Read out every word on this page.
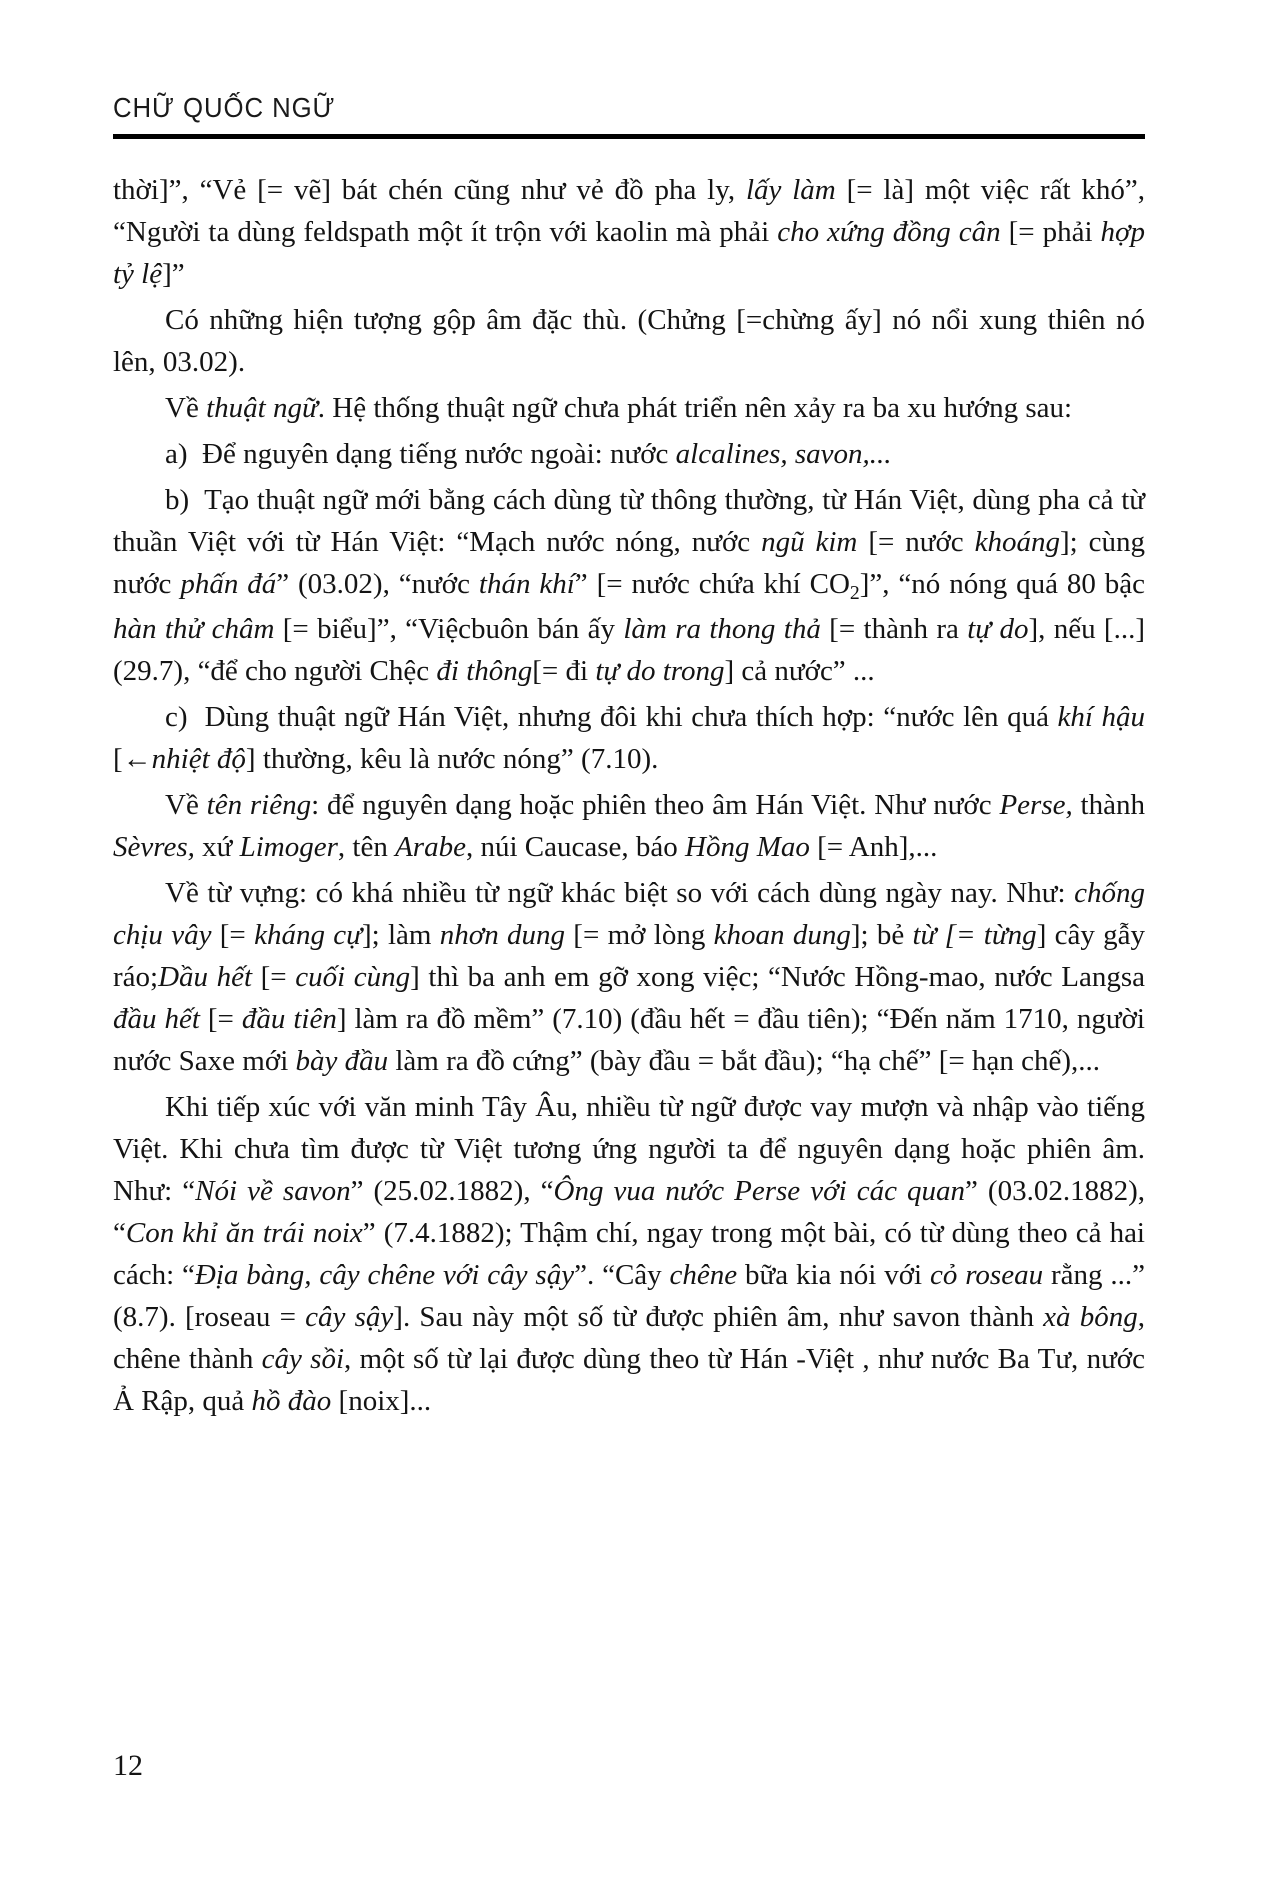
CHỮ QUỐC NGỮ

thời]”, “Vẻ [= vẽ] bát chén cũng như vẻ đồ pha ly, lấy làm [= là] một việc rất khó”, “Người ta dùng feldspath một ít trộn với kaolin mà phải cho xứng đồng cân [= phải hợp tỷ lệ]”

Có những hiện tượng gộp âm đặc thù. (Chửng [=chừng ấy] nó nổi xung thiên nó lên, 03.02).

Về thuật ngữ. Hệ thống thuật ngữ chưa phát triển nên xảy ra ba xu hướng sau:

a)  Để nguyên dạng tiếng nước ngoài: nước alcalines, savon,...

b)  Tạo thuật ngữ mới bằng cách dùng từ thông thường, từ Hán Việt, dùng pha cả từ thuần Việt với từ Hán Việt: “Mạch nước nóng, nước ngũ kim [= nước khoáng]; cùng nước phấn đá” (03.02), “nước thán khí” [= nước chứa khí CO2]”, “nó nóng quá 80 bậc hàn thử châm [= biểu]”, “Việcbuôn bán ấy làm ra thong thả [= thành ra tự do], nếu [...] (29.7), “để cho người Chệc đi thông[= đi tự do trong] cả nước” ...

c)  Dùng thuật ngữ Hán Việt, nhưng đôi khi chưa thích hợp: “nước lên quá khí hậu [←nhiệt độ] thường, kêu là nước nóng” (7.10).

Về tên riêng: để nguyên dạng hoặc phiên theo âm Hán Việt. Như nước Perse, thành Sèvres, xứ Limoger, tên Arabe, núi Caucase, báo Hồng Mao [= Anh],...

Về từ vựng: có khá nhiều từ ngữ khác biệt so với cách dùng ngày nay. Như: chống chịu vây [= kháng cự]; làm nhơn dung [= mở lòng khoan dung]; bẻ từ [= từng] cây gẫy ráo;Dầu hết [= cuối cùng] thì ba anh em gỡ xong việc; “Nước Hồng-mao, nước Langsa đầu hết [= đầu tiên] làm ra đồ mềm” (7.10) (đầu hết = đầu tiên); “Đến năm 1710, người nước Saxe mới bày đầu làm ra đồ cứng” (bày đầu = bắt đầu); “hạ chế” [= hạn chế),...

Khi tiếp xúc với văn minh Tây Âu, nhiều từ ngữ được vay mượn và nhập vào tiếng Việt. Khi chưa tìm được từ Việt tương ứng người ta để nguyên dạng hoặc phiên âm. Như: “Nói về savon” (25.02.1882), “Ông vua nước Perse với các quan” (03.02.1882), “Con khỉ ăn trái noix” (7.4.1882); Thậm chí, ngay trong một bài, có từ dùng theo cả hai cách: “Địa bàng, cây chêne với cây sậy”. “Cây chêne bữa kia nói với cỏ roseau rằng ...” (8.7). [roseau = cây sậy]. Sau này một số từ được phiên âm, như savon thành xà bông, chêne thành cây sồi, một số từ lại được dùng theo từ Hán -Việt , như nước Ba Tư, nước Ả Rập, quả hồ đào [noix]...

12
